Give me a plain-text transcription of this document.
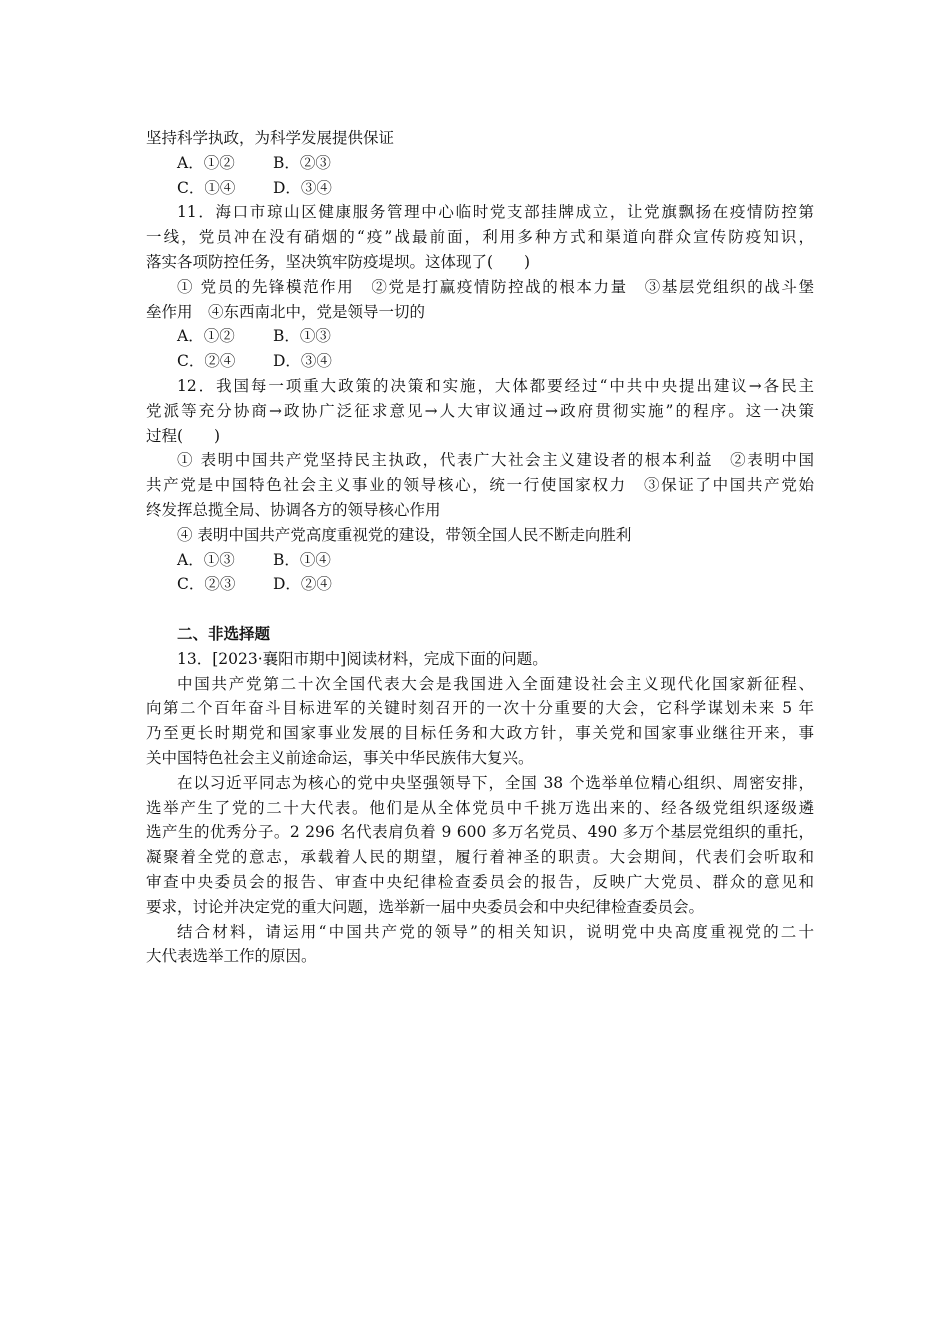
坚持科学执政，为科学发展提供保证
A．①②	B．②③
C．①④	D．③④
11．海口市琼山区健康服务管理中心临时党支部挂牌成立，让党旗飘扬在疫情防控第
一线，党员冲在没有硝烟的“疫”战最前面，利用多种方式和渠道向群众宣传防疫知识，
落实各项防控任务，坚决筑牢防疫堤坝。这体现了(　　)
① 党员的先锋模范作用　②党是打赢疫情防控战的根本力量　③基层党组织的战斗堡
垒作用　④东西南北中，党是领导一切的
A．①②	B．①③
C．②④	D．③④
12．我国每一项重大政策的决策和实施，大体都要经过“中共中央提出建议→各民主
党派等充分协商→政协广泛征求意见→人大审议通过→政府贯彻实施”的程序。这一决策
过程(　　)
① 表明中国共产党坚持民主执政，代表广大社会主义建设者的根本利益　②表明中国
共产党是中国特色社会主义事业的领导核心，统一行使国家权力　③保证了中国共产党始
终发挥总揽全局、协调各方的领导核心作用
④ 表明中国共产党高度重视党的建设，带领全国人民不断走向胜利
A．①③	B．①④
C．②③	D．②④
二、非选择题
13．[2023·襄阳市期中]阅读材料，完成下面的问题。
中国共产党第二十次全国代表大会是我国进入全面建设社会主义现代化国家新征程、
向第二个百年奋斗目标进军的关键时刻召开的一次十分重要的大会，它科学谋划未来 5 年
乃至更长时期党和国家事业发展的目标任务和大政方针，事关党和国家事业继往开来，事
关中国特色社会主义前途命运，事关中华民族伟大复兴。
在以习近平同志为核心的党中央坚强领导下，全国 38 个选举单位精心组织、周密安排，
选举产生了党的二十大代表。他们是从全体党员中千挑万选出来的、经各级党组织逐级遴
选产生的优秀分子。2 296 名代表肩负着 9 600 多万名党员、490 多万个基层党组织的重托，
凝聚着全党的意志，承载着人民的期望，履行着神圣的职责。大会期间，代表们会听取和
审查中央委员会的报告、审查中央纪律检查委员会的报告，反映广大党员、群众的意见和
要求，讨论并决定党的重大问题，选举新一届中央委员会和中央纪律检查委员会。
结合材料，请运用“中国共产党的领导”的相关知识，说明党中央高度重视党的二十
大代表选举工作的原因。
